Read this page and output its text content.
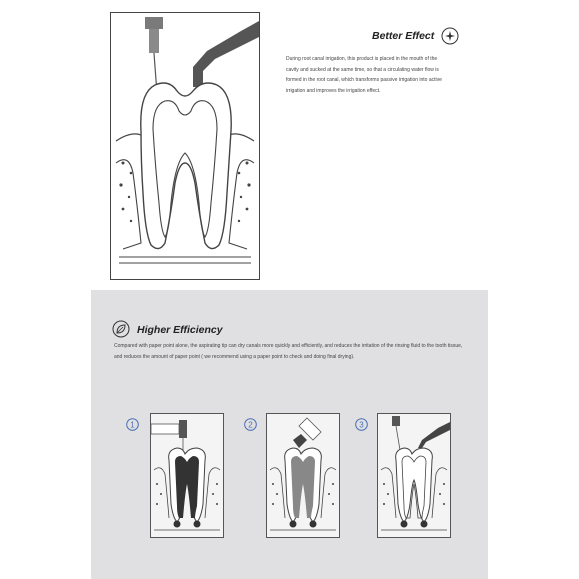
Better Effect
During root canal irrigation, this product is placed in the mouth of the cavity and sucked at the same time, so that a circulating water flow is formed in the root canal, which transforms passive irrigation into active irrigation and improves the irrigation effect.
Higher Efficiency
Compared with paper point alone, the aspirating tip can dry canals more quickly and efficiently, and reduces the irritation of the rinsing fluid to the tooth tissue, and reduces the amount of paper point ( we recommend using a paper point to check and doing final drying).
1	2	3
